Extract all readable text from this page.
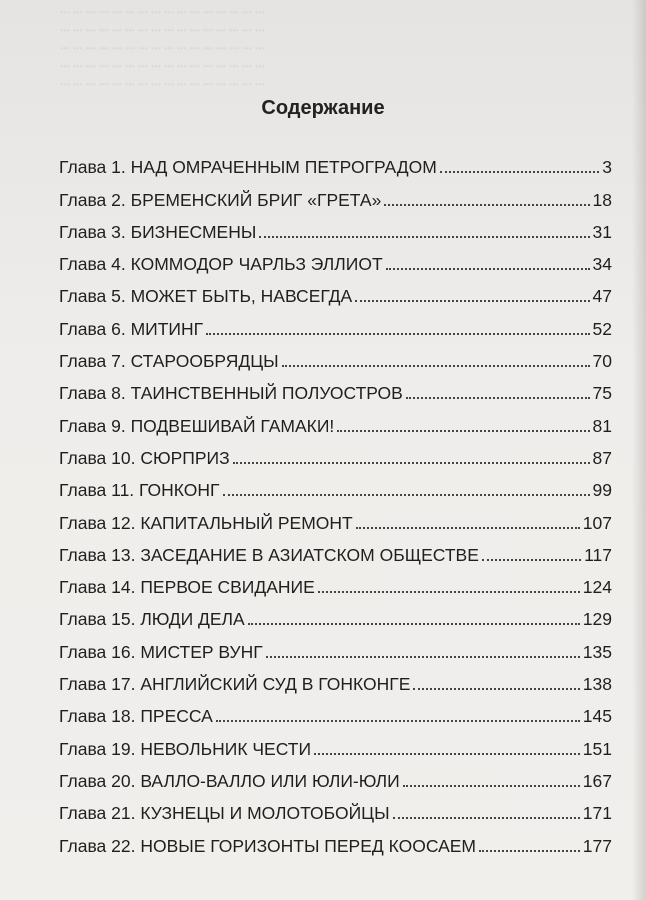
... ... ... ... ... ... ... ... ... ... ... ... ... ... ... ...
... ... ... ... ... ... ... ... ... ... ... ... ... ... ... ...
... ... ... ... ... ... ... ... ... ... ... ... ... ... ... ...
... ... ... ... ... ... ... ... ... ... ... ... ... ... ... ...
... ... ... ... ... ... ... ... ... ... ... ... ... ... ... ...
Содержание
Глава 1. НАД ОМРАЧЕННЫМ ПЕТРОГРАДОМ	3
Глава 2. БРЕМЕНСКИЙ БРИГ «ГРЕТА»	18
Глава 3. БИЗНЕСМЕНЫ	31
Глава 4. КОММОДОР ЧАРЛЬЗ ЭЛЛИОТ	34
Глава 5. МОЖЕТ БЫТЬ, НАВСЕГДА	47
Глава 6. МИТИНГ	52
Глава 7. СТАРООБРЯДЦЫ	70
Глава 8. ТАИНСТВЕННЫЙ ПОЛУОСТРОВ	75
Глава 9. ПОДВЕШИВАЙ ГАМАКИ!	81
Глава 10. СЮРПРИЗ	87
Глава 11. ГОНКОНГ	99
Глава 12. КАПИТАЛЬНЫЙ РЕМОНТ	107
Глава 13. ЗАСЕДАНИЕ В АЗИАТСКОМ ОБЩЕСТВЕ	117
Глава 14. ПЕРВОЕ СВИДАНИЕ	124
Глава 15. ЛЮДИ ДЕЛА	129
Глава 16. МИСТЕР ВУНГ	135
Глава 17. АНГЛИЙСКИЙ СУД В ГОНКОНГЕ	138
Глава 18. ПРЕССА	145
Глава 19. НЕВОЛЬНИК ЧЕСТИ	151
Глава 20. ВАЛЛО-ВАЛЛО ИЛИ ЮЛИ-ЮЛИ	167
Глава 21. КУЗНЕЦЫ И МОЛОТОБОЙЦЫ	171
Глава 22. НОВЫЕ ГОРИЗОНТЫ ПЕРЕД КООСАЕМ	177
